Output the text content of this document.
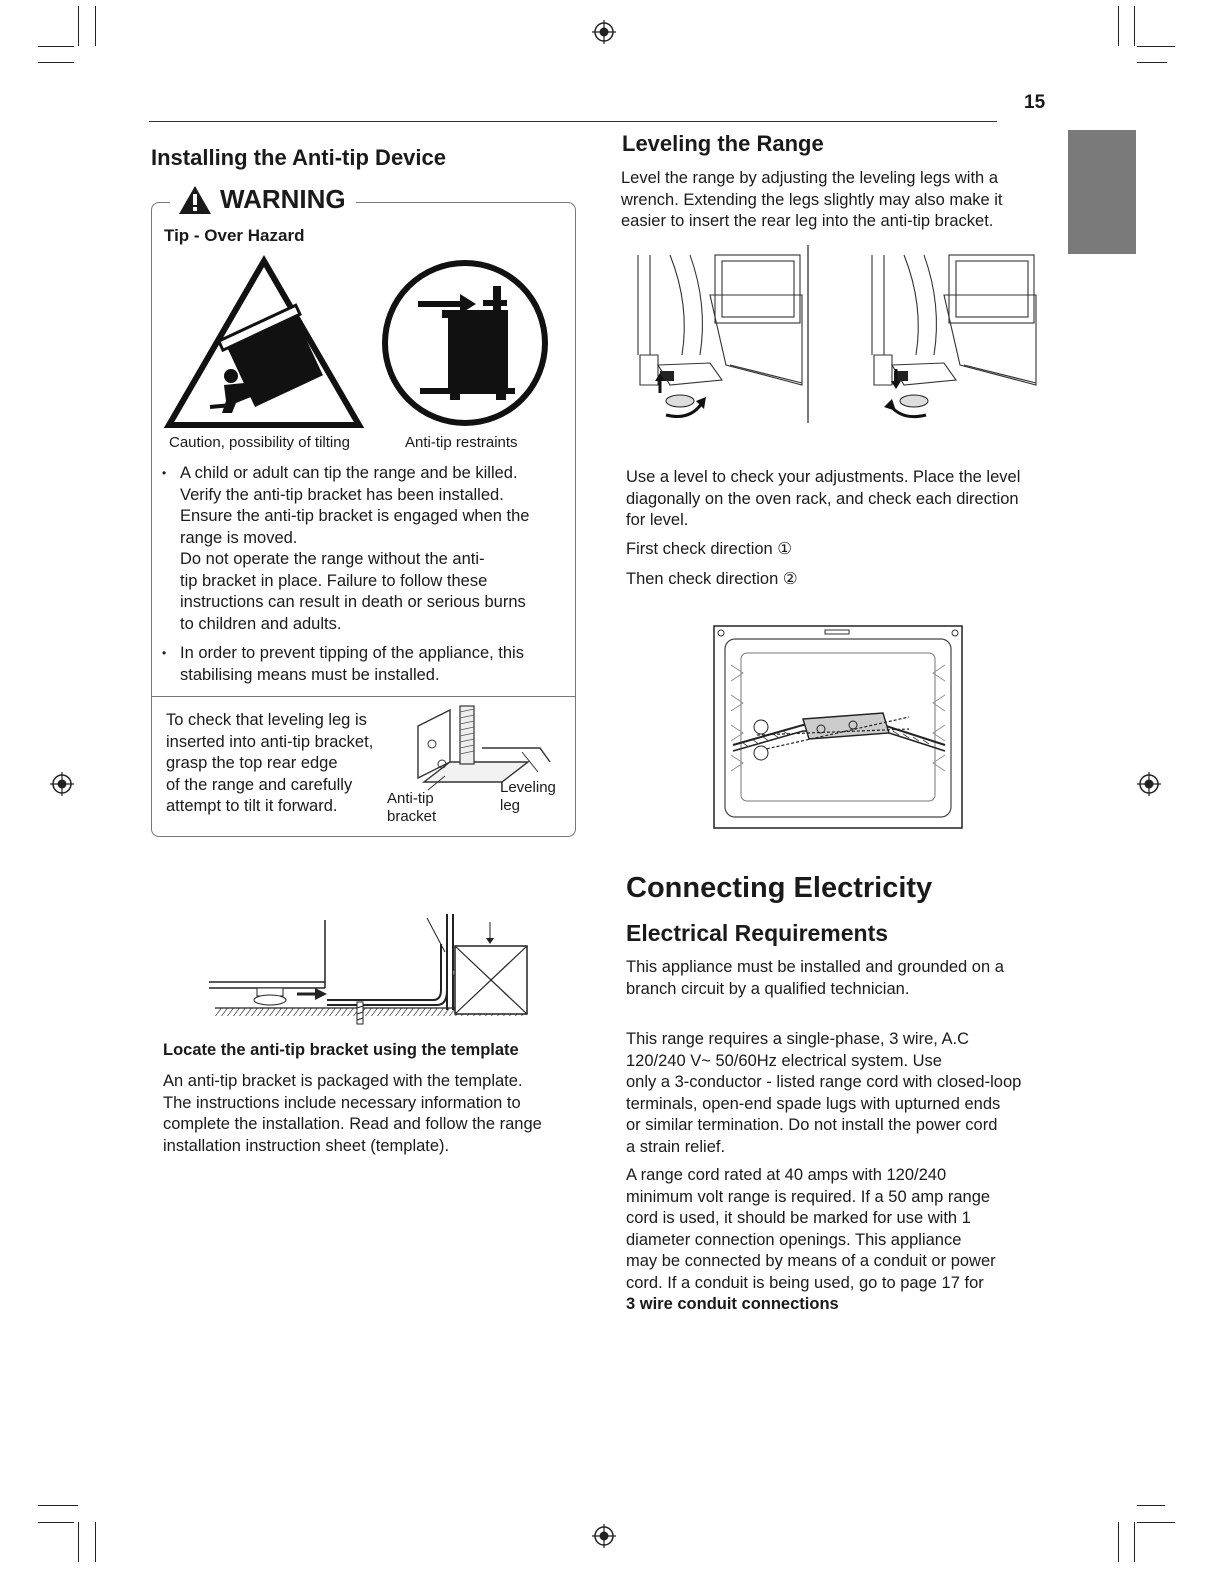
15
Installing the Anti-tip Device
WARNING
Tip - Over Hazard
Caution, possibility of tilting	Anti-tip restraints
• A child or adult can tip the range and be killed.
Verify the anti-tip bracket has been installed.
Ensure the anti-tip bracket is engaged when the
range is moved.
Do not operate the range without the anti-
tip bracket in place. Failure to follow these
instructions can result in death or serious burns
to children and adults.
• In order to prevent tipping of the appliance, this
stabilising means must be installed.
To check that leveling leg is
inserted into anti-tip bracket,
grasp the top rear edge
of the range and carefully
attempt to tilt it forward.	Anti-tip
bracket
Leveling
leg
Locate the anti-tip bracket using the template
An anti-tip bracket is packaged with the template.
The instructions include necessary information to
complete the installation. Read and follow the range
installation instruction sheet (template).
Leveling the Range
Level the range by adjusting the leveling legs with a
wrench. Extending the legs slightly may also make it
easier to insert the rear leg into the anti-tip bracket.
Use a level to check your adjustments. Place the level
diagonally on the oven rack, and check each direction
for level.
First check direction ①
Then check direction ②
Connecting Electricity
Electrical Requirements
This appliance must be installed and grounded on a
branch circuit by a qualified technician.
This range requires a single-phase, 3 wire, A.C
120/240 V~ 50/60Hz electrical system. Use
only a 3-conductor - listed range cord with closed-loop
terminals, open-end spade lugs with upturned ends
or similar termination. Do not install the power cord
a strain relief.
A range cord rated at 40 amps with 120/240
minimum volt range is required. If a 50 amp range
cord is used, it should be marked for use with 1
diameter connection openings. This appliance
may be connected by means of a conduit or power
cord. If a conduit is being used, go to page 17 for
3 wire conduit connections
